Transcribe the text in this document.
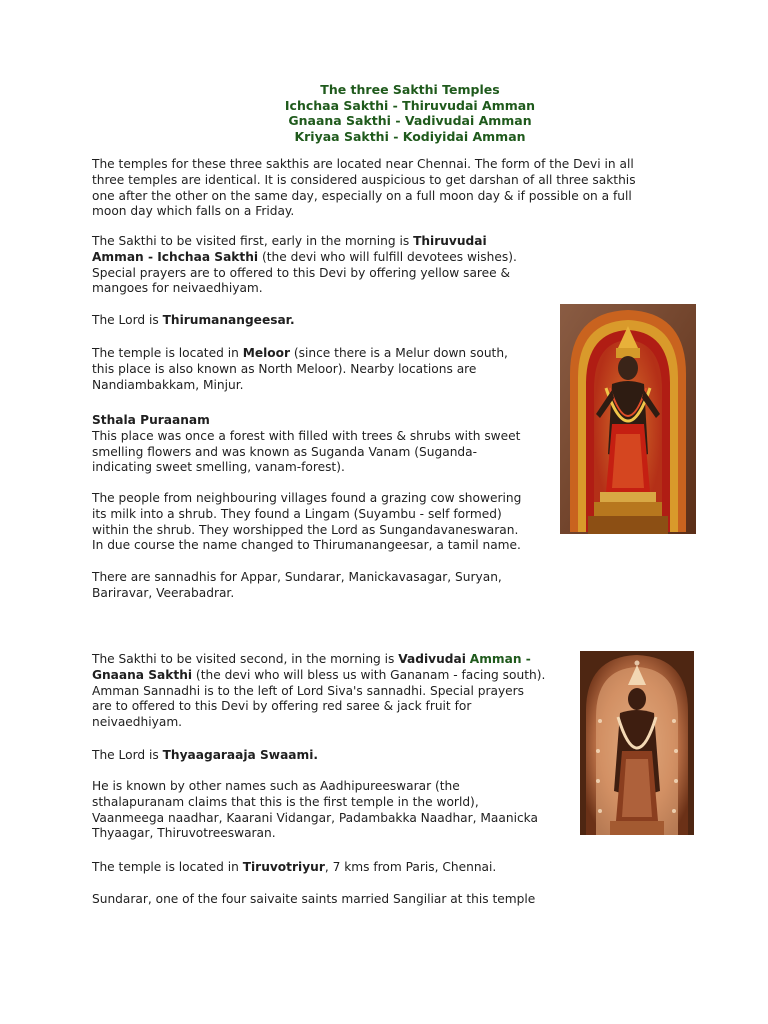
The three Sakthi Temples
Ichchaa Sakthi - Thiruvudai Amman
Gnaana Sakthi - Vadivudai Amman
Kriyaa Sakthi - Kodiyidai Amman
The temples for these three sakthis are located near Chennai. The form of the Devi in all
three temples are identical. It is considered auspicious to get darshan of all three sakthis
one after the other on the same day, especially on a full moon day & if possible on a full
moon day which falls on a Friday.
The Sakthi to be visited first, early in the morning is Thiruvudai
Amman - Ichchaa Sakthi (the devi who will fulfill devotees wishes).
Special prayers are to offered to this Devi by offering yellow saree &
mangoes for neivaedhiyam.
The Lord is Thirumanangeesar.
The temple is located in Meloor (since there is a Melur down south,
this place is also known as North Meloor). Nearby locations are
Nandiambakkam, Minjur.
Sthala Puraanam
This place was once a forest with filled with trees & shrubs with sweet
smelling flowers and was known as Suganda Vanam (Suganda-
indicating sweet smelling, vanam-forest).
The people from neighbouring villages found a grazing cow showering
its milk into a shrub. They found a Lingam (Suyambu - self formed)
within the shrub. They worshipped the Lord as Sungandavaneswaran.
In due course the name changed to Thirumanangeesar, a tamil name.
There are sannadhis for Appar, Sundarar, Manickavasagar, Suryan,
Bariravar, Veerabadrar.
The Sakthi to be visited second, in the morning is Vadivudai Amman -
Gnaana Sakthi (the devi who will bless us with Gananam - facing south).
Amman Sannadhi is to the left of Lord Siva's sannadhi. Special prayers
are to offered to this Devi by offering red saree & jack fruit for
neivaedhiyam.
The Lord is Thyaagaraaja Swaami.
He is known by other names such as Aadhipureeswarar (the
sthalapuranam claims that this is the first temple in the world),
Vaanmeega naadhar, Kaarani Vidangar, Padambakka Naadhar, Maanicka
Thyaagar, Thiruvotreeswaran.
The temple is located in Tiruvotriyur, 7 kms from Paris, Chennai.
Sundarar, one of the four saivaite saints married Sangiliar at this temple
